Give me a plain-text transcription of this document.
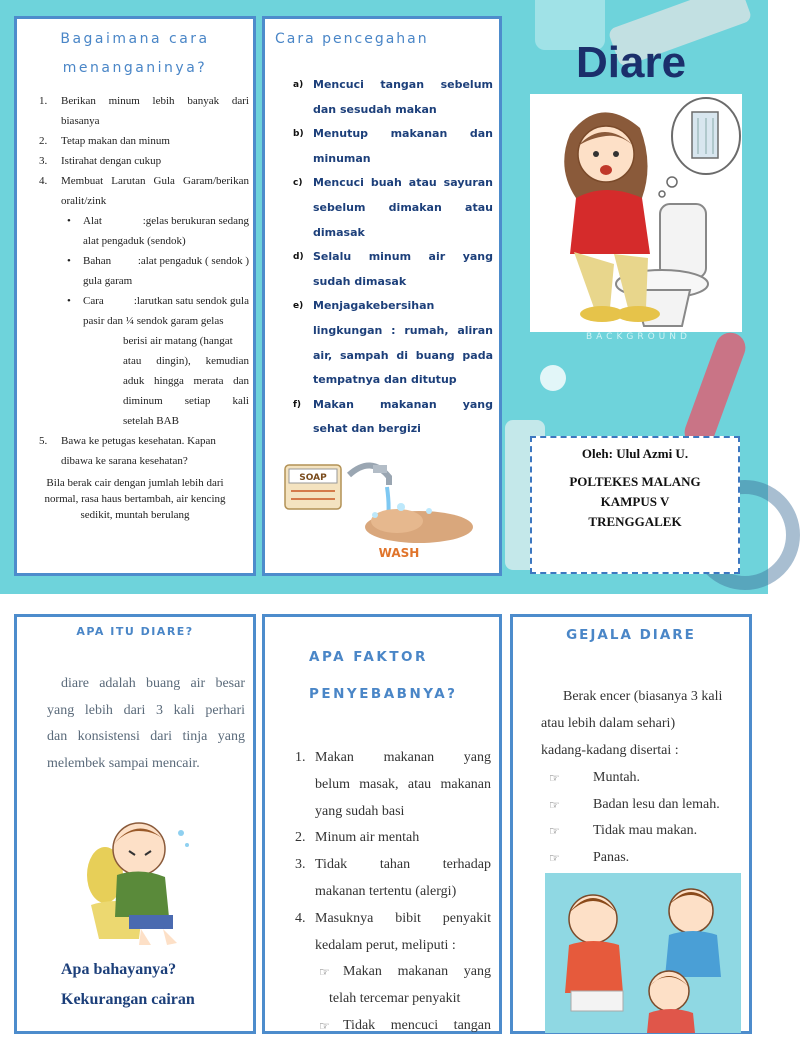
Bagaimana cara
menanganinya?
1. Berikan minum lebih banyak dari
biasanya
2. Tetap makan dan minum
3. Istirahat dengan cukup
4. Membuat Larutan Gula Garam/berikan
oralit/zink
• Alat	:gelas berukuran sedang
alat pengaduk (sendok)
• Bahan :alat pengaduk ( sendok )
gula garam
• Cara	:larutkan satu sendok gula
pasir dan ¼ sendok garam gelas
berisi air matang (hangat
atau dingin), kemudian
aduk hingga merata dan
diminum setiap kali
setelah BAB
5. Bawa ke petugas kesehatan. Kapan
dibawa ke sarana kesehatan?
Bila berak cair dengan jumlah lebih dari
normal, rasa haus bertambah, air kencing
sedikit, muntah berulang
Cara pencegahan
a) Mencuci tangan sebelum
dan sesudah makan
b) Menutup makanan dan
minuman
c) Mencuci buah atau sayuran
sebelum dimakan atau
dimasak
d) Selalu minum air yang
sudah dimasak
e) Menjagakebersihan
lingkungan : rumah, aliran
air, sampah di buang pada
tempatnya dan ditutup
f) Makan makanan yang
sehat dan bergizi
SOAP
WASH
Diare
BACKGROUND
Oleh: Ulul Azmi U.
POLTEKES MALANG
KAMPUS V
TRENGGALEK
APA ITU DIARE?
diare adalah buang air besar
yang lebih dari 3 kali perhari
dan konsistensi dari tinja yang
melembek sampai mencair.
Apa bahayanya?
Kekurangan cairan
APA FAKTOR
PENYEBABNYA?
1. Makan makanan yang
belum masak, atau makanan
yang sudah basi
2. Minum air mentah
3. Tidak tahan terhadap
makanan tertentu (alergi)
4. Masuknya bibit penyakit
kedalam perut, meliputi :
☞ Makan makanan yang
telah tercemar penyakit
☞ Tidak mencuci tangan
GEJALA DIARE
Berak encer (biasanya 3 kali
atau lebih dalam sehari)
kadang-kadang disertai :
☞ Muntah.
☞ Badan lesu dan lemah.
☞ Tidak mau makan.
☞ Panas.
